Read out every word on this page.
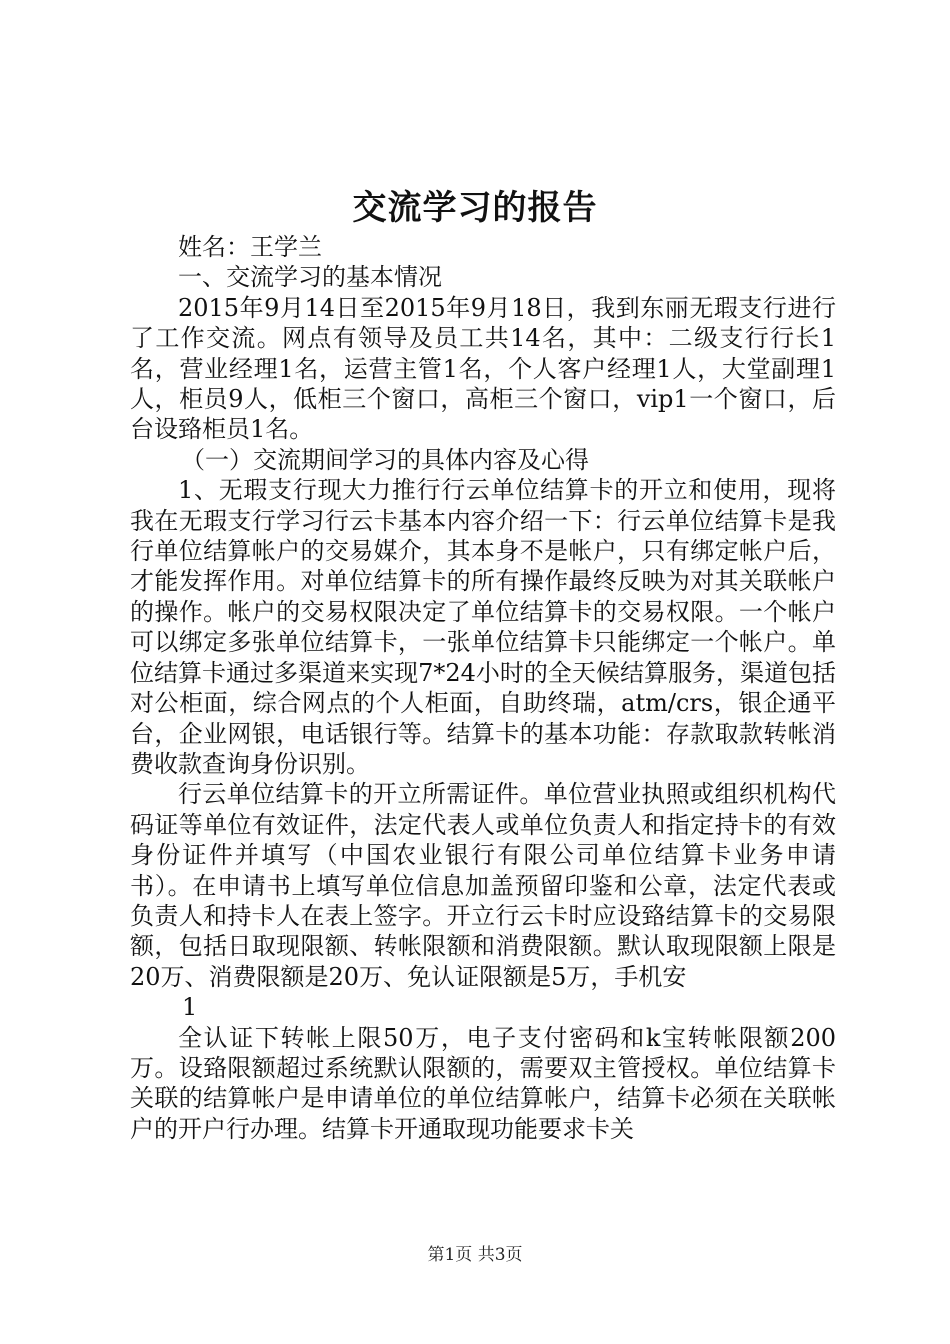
交流学习的报告

姓名：王学兰

一、交流学习的基本情况

2015年9月14日至2015年9月18日，我到东丽无瑕支行进行了工作交流。网点有领导及员工共14名，其中：二级支行行长1名，营业经理1名，运营主管1名，个人客户经理1人，大堂副理1人，柜员9人，低柜三个窗口，高柜三个窗口，vip1一个窗口，后台设臵柜员1名。

（一）交流期间学习的具体内容及心得

1、无瑕支行现大力推行行云单位结算卡的开立和使用，现将我在无瑕支行学习行云卡基本内容介绍一下：行云单位结算卡是我行单位结算帐户的交易媒介，其本身不是帐户，只有绑定帐户后，才能发挥作用。对单位结算卡的所有操作最终反映为对其关联帐户的操作。帐户的交易权限决定了单位结算卡的交易权限。一个帐户可以绑定多张单位结算卡，一张单位结算卡只能绑定一个帐户。单位结算卡通过多渠道来实现7*24小时的全天候结算服务，渠道包括对公柜面，综合网点的个人柜面，自助终瑞，atm/crs，银企通平台，企业网银，电话银行等。结算卡的基本功能：存款取款转帐消费收款查询身份识别。

行云单位结算卡的开立所需证件。单位营业执照或组织机构代码证等单位有效证件，法定代表人或单位负责人和指定持卡的有效身份证件并填写（中国农业银行有限公司单位结算卡业务申请书）。在申请书上填写单位信息加盖预留印鉴和公章，法定代表或负责人和持卡人在表上签字。开立行云卡时应设臵结算卡的交易限额，包括日取现限额、转帐限额和消费限额。默认取现限额上限是20万、消费限额是20万、免认证限额是5万，手机安

1

全认证下转帐上限50万，电子支付密码和k宝转帐限额200万。设臵限额超过系统默认限额的，需要双主管授权。单位结算卡关联的结算帐户是申请单位的单位结算帐户，结算卡必须在关联帐户的开户行办理。结算卡开通取现功能要求卡关

第1页 共3页
